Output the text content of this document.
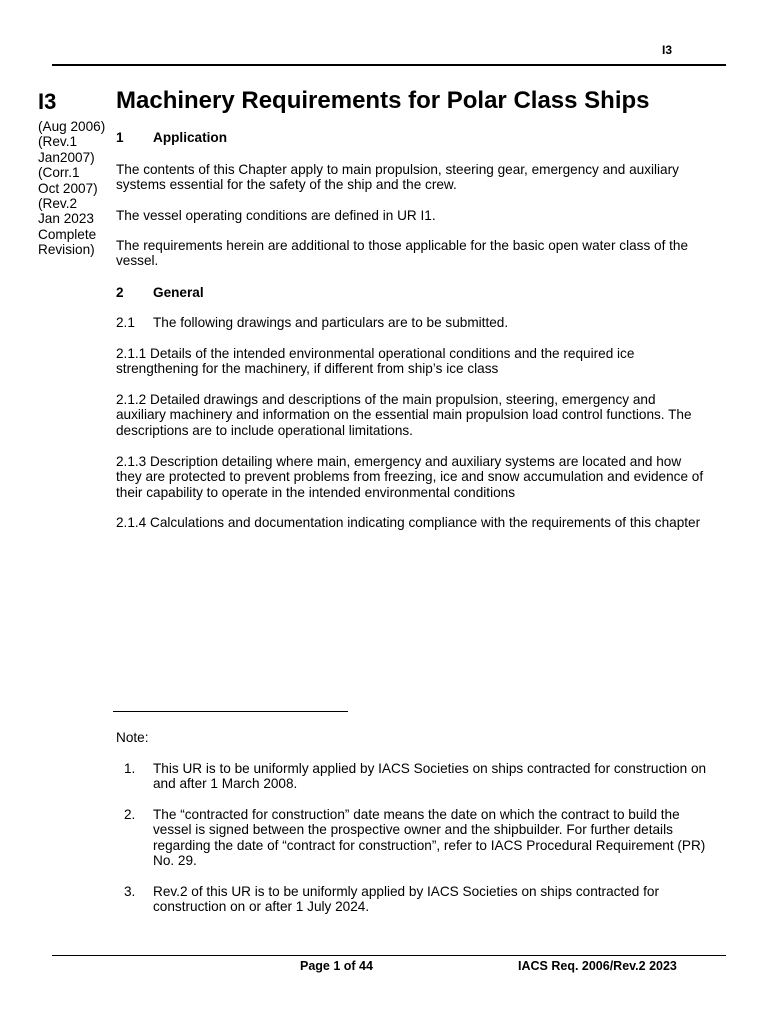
I3
I3
(Aug 2006)
(Rev.1
Jan2007)
(Corr.1
Oct 2007)
(Rev.2
Jan 2023
Complete
Revision)
Machinery Requirements for Polar Class Ships
1 Application
The contents of this Chapter apply to main propulsion, steering gear, emergency and auxiliary systems essential for the safety of the ship and the crew.
The vessel operating conditions are defined in UR I1.
The requirements herein are additional to those applicable for the basic open water class of the vessel.
2 General
2.1 The following drawings and particulars are to be submitted.
2.1.1 Details of the intended environmental operational conditions and the required ice strengthening for the machinery, if different from ship’s ice class
2.1.2 Detailed drawings and descriptions of the main propulsion, steering, emergency and auxiliary machinery and information on the essential main propulsion load control functions. The descriptions are to include operational limitations.
2.1.3 Description detailing where main, emergency and auxiliary systems are located and how they are protected to prevent problems from freezing, ice and snow accumulation and evidence of their capability to operate in the intended environmental conditions
2.1.4 Calculations and documentation indicating compliance with the requirements of this chapter
Note:
1. This UR is to be uniformly applied by IACS Societies on ships contracted for construction on and after 1 March 2008.
2. The “contracted for construction” date means the date on which the contract to build the vessel is signed between the prospective owner and the shipbuilder. For further details regarding the date of “contract for construction”, refer to IACS Procedural Requirement (PR) No. 29.
3. Rev.2 of this UR is to be uniformly applied by IACS Societies on ships contracted for construction on or after 1 July 2024.
Page 1 of 44	IACS Req. 2006/Rev.2 2023
